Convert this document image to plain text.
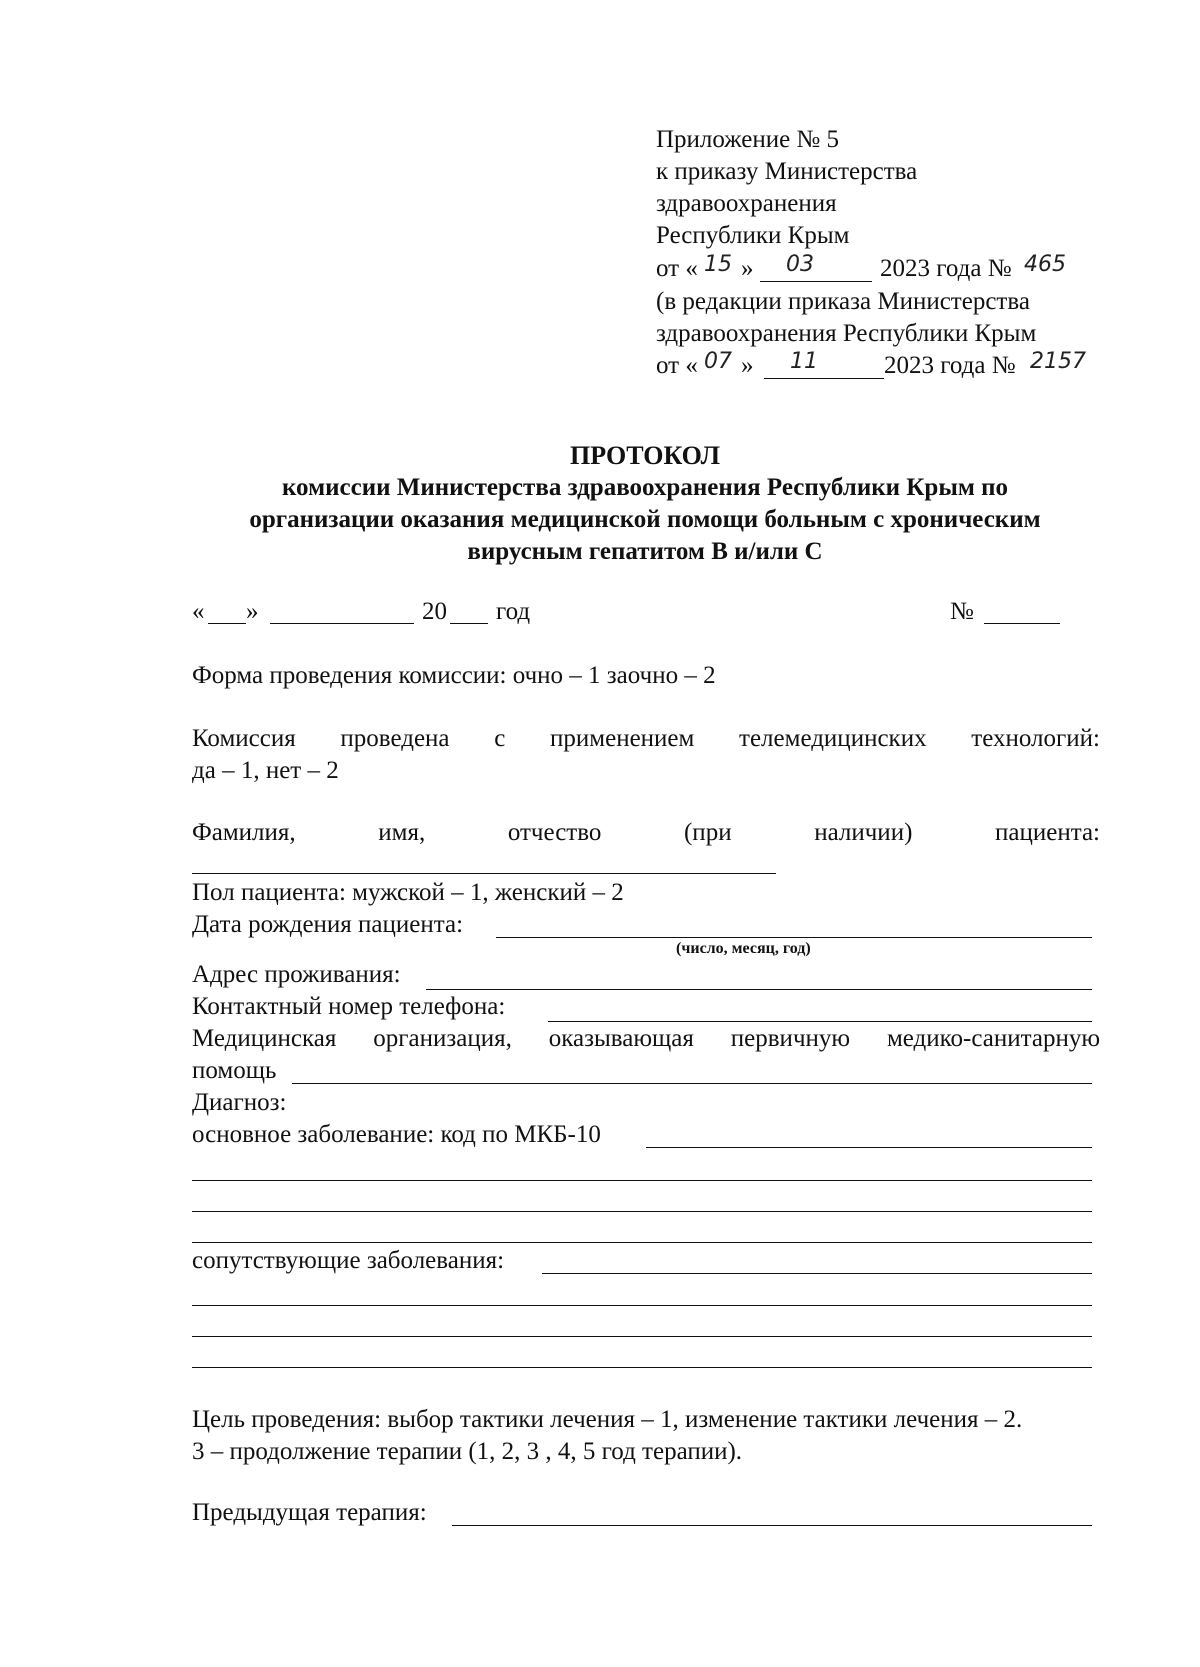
Приложение № 5
к приказу Министерства
здравоохранения
Республики Крым
от « 15 » 03	2023 года № 465
(в редакции приказа Министерства
здравоохранения Республики Крым
от « 07 » 11	2023 года № 2157
ПРОТОКОЛ
комиссии Министерства здравоохранения Республики Крым по
организации оказания медицинской помощи больным с хроническим
вирусным гепатитом В и/или С
« »	20 год	№
Форма проведения комиссии: очно – 1 заочно – 2
Комиссия проведена с применением телемедицинских технологий:
да – 1, нет – 2
Фамилия,	имя,	отчество	(при	наличии)	пациента:
Пол пациента: мужской – 1, женский – 2
Дата рождения пациента:
(число, месяц, год)
Адрес проживания:
Контактный номер телефона:
Медицинская организация, оказывающая первичную медико-санитарную
помощь
Диагноз:
основное заболевание: код по МКБ-10
сопутствующие заболевания:
Цель проведения: выбор тактики лечения – 1, изменение тактики лечения – 2.
3 – продолжение терапии (1, 2, 3 , 4, 5 год терапии).
Предыдущая терапия:
